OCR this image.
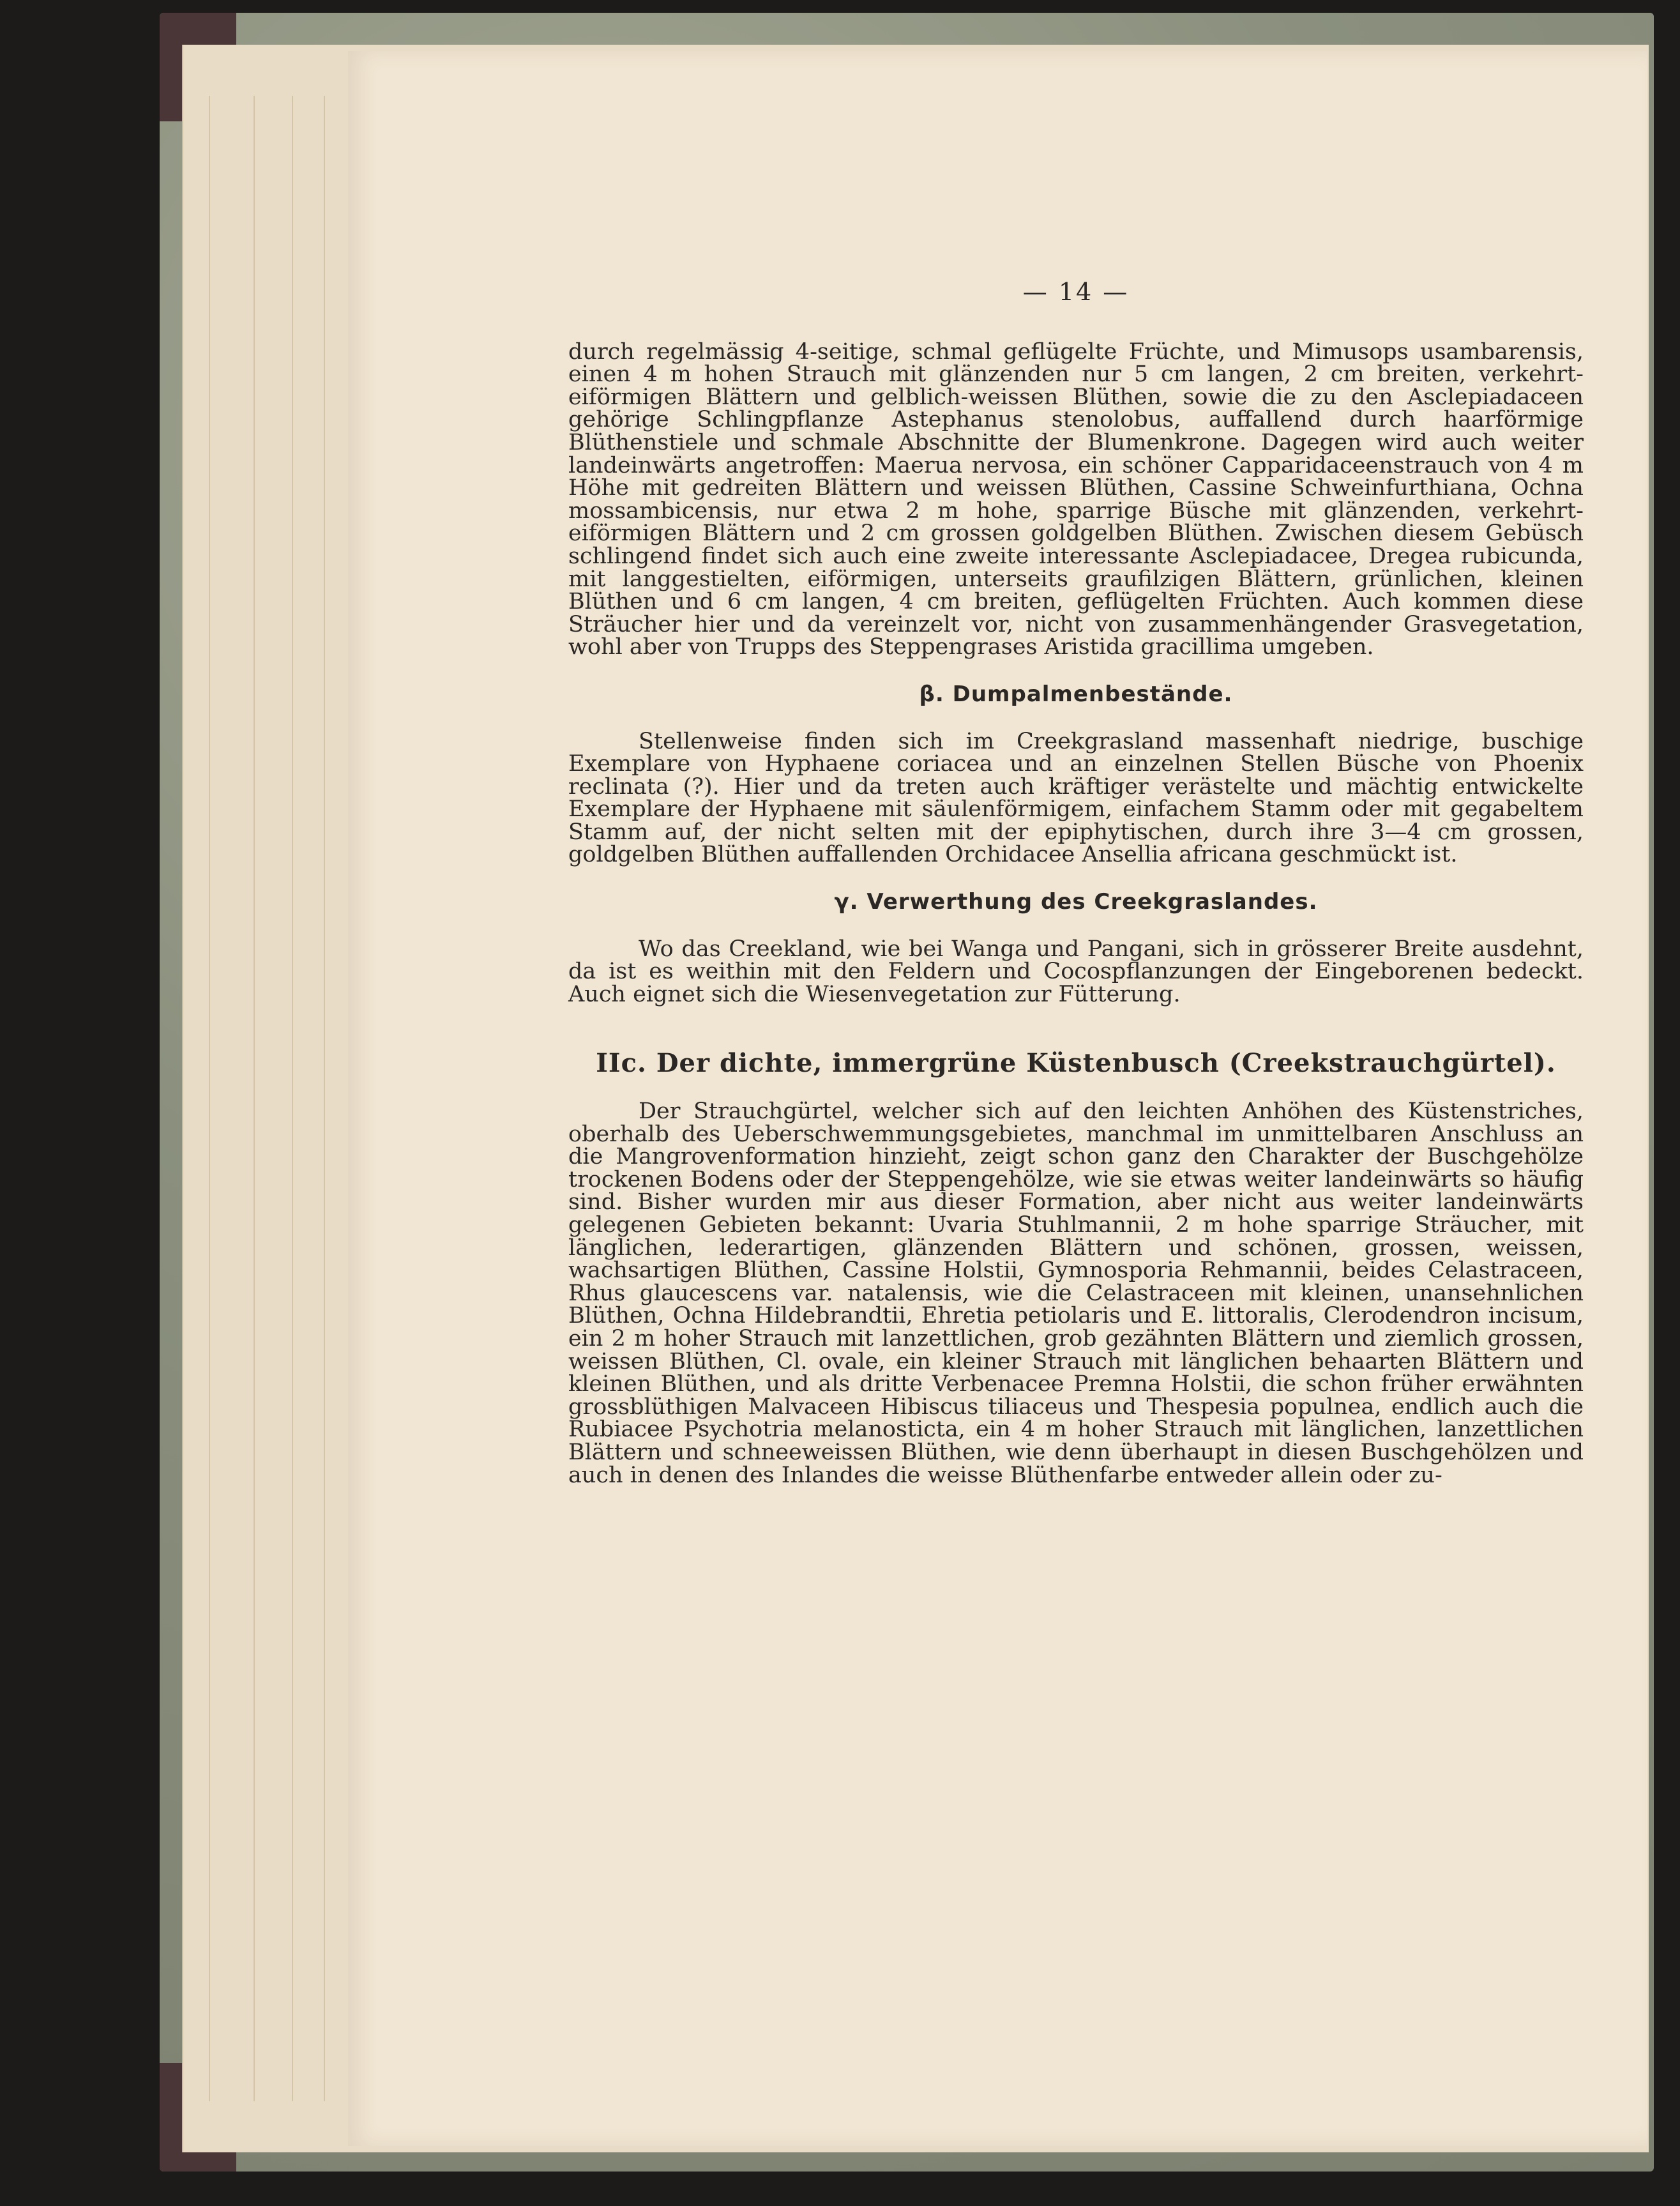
— 14 —

durch regelmässig 4-seitige, schmal geflügelte Früchte, und Mimusops usambarensis, einen 4 m hohen Strauch mit glänzenden nur 5 cm langen, 2 cm breiten, verkehrt-eiförmigen Blättern und gelblich-weissen Blüthen, sowie die zu den Asclepiadaceen gehörige Schlingpflanze Astephanus stenolobus, auffallend durch haarförmige Blüthenstiele und schmale Abschnitte der Blumenkrone. Dagegen wird auch weiter landeinwärts angetroffen: Maerua nervosa, ein schöner Capparidaceenstrauch von 4 m Höhe mit gedreiten Blättern und weissen Blüthen, Cassine Schweinfurthiana, Ochna mossambicensis, nur etwa 2 m hohe, sparrige Büsche mit glänzenden, verkehrt-eiförmigen Blättern und 2 cm grossen goldgelben Blüthen. Zwischen diesem Gebüsch schlingend findet sich auch eine zweite interessante Asclepiadacee, Dregea rubicunda, mit langgestielten, eiförmigen, unterseits graufilzigen Blättern, grünlichen, kleinen Blüthen und 6 cm langen, 4 cm breiten, geflügelten Früchten. Auch kommen diese Sträucher hier und da vereinzelt vor, nicht von zusammenhängender Grasvegetation, wohl aber von Trupps des Steppengrases Aristida gracillima umgeben.

β. Dumpalmenbestände.

Stellenweise finden sich im Creekgrasland massenhaft niedrige, buschige Exemplare von Hyphaene coriacea und an einzelnen Stellen Büsche von Phoenix reclinata (?). Hier und da treten auch kräftiger verästelte und mächtig entwickelte Exemplare der Hyphaene mit säulenförmigem, einfachem Stamm oder mit gegabeltem Stamm auf, der nicht selten mit der epiphytischen, durch ihre 3—4 cm grossen, goldgelben Blüthen auffallenden Orchidacee Ansellia africana geschmückt ist.

γ. Verwerthung des Creekgraslandes.

Wo das Creekland, wie bei Wanga und Pangani, sich in grösserer Breite ausdehnt, da ist es weithin mit den Feldern und Cocospflanzungen der Eingeborenen bedeckt. Auch eignet sich die Wiesenvegetation zur Fütterung.

IIc. Der dichte, immergrüne Küstenbusch (Creekstrauchgürtel).

Der Strauchgürtel, welcher sich auf den leichten Anhöhen des Küstenstriches, oberhalb des Ueberschwemmungsgebietes, manchmal im unmittelbaren Anschluss an die Mangrovenformation hinzieht, zeigt schon ganz den Charakter der Buschgehölze trockenen Bodens oder der Steppengehölze, wie sie etwas weiter landeinwärts so häufig sind. Bisher wurden mir aus dieser Formation, aber nicht aus weiter landeinwärts gelegenen Gebieten bekannt: Uvaria Stuhlmannii, 2 m hohe sparrige Sträucher, mit länglichen, lederartigen, glänzenden Blättern und schönen, grossen, weissen, wachsartigen Blüthen, Cassine Holstii, Gymnosporia Rehmannii, beides Celastraceen, Rhus glaucescens var. natalensis, wie die Celastraceen mit kleinen, unansehnlichen Blüthen, Ochna Hildebrandtii, Ehretia petiolaris und E. littoralis, Clerodendron incisum, ein 2 m hoher Strauch mit lanzettlichen, grob gezähnten Blättern und ziemlich grossen, weissen Blüthen, Cl. ovale, ein kleiner Strauch mit länglichen behaarten Blättern und kleinen Blüthen, und als dritte Verbenacee Premna Holstii, die schon früher erwähnten grossblüthigen Malvaceen Hibiscus tiliaceus und Thespesia populnea, endlich auch die Rubiacee Psychotria melanosticta, ein 4 m hoher Strauch mit länglichen, lanzettlichen Blättern und schneeweissen Blüthen, wie denn überhaupt in diesen Buschgehölzen und auch in denen des Inlandes die weisse Blüthenfarbe entweder allein oder zu-
